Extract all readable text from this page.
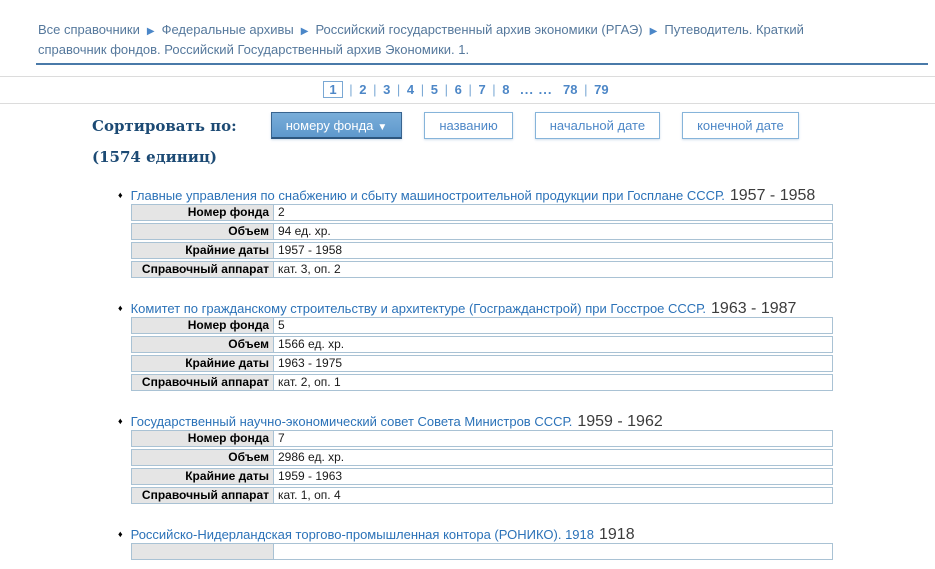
Все справочники ▶ Федеральные архивы ▶ Российский государственный архив экономики (РГАЭ) ▶ Путеводитель. Краткий справочник фондов. Российский Государственный архив Экономики. 1.
1 | 2 | 3 | 4 | 5 | 6 | 7 | 8 ... ... 78 | 79
Сортировать по:	номеру фонда ▼	названию	начальной дате	конечной дате
(1574 единиц)
♦ Главные управления по снабжению и сбыту машиностроительной продукции при Госплане СССР. 1957 - 1958
Номер фонда 2
Объем 94 ед. хр.
Крайние даты 1957 - 1958
Справочный аппарат кат. 3, оп. 2
♦ Комитет по гражданскому строительству и архитектуре (Госгражданстрой) при Госстрое СССР. 1963 - 1987
Номер фонда 5
Объем 1566 ед. хр.
Крайние даты 1963 - 1975
Справочный аппарат кат. 2, оп. 1
♦ Государственный научно-экономический совет Совета Министров СССР. 1959 - 1962
Номер фонда 7
Объем 2986 ед. хр.
Крайние даты 1959 - 1963
Справочный аппарат кат. 1, оп. 4
♦ Российско-Нидерландская торгово-промышленная контора (РОНИКО). 1918 1918
